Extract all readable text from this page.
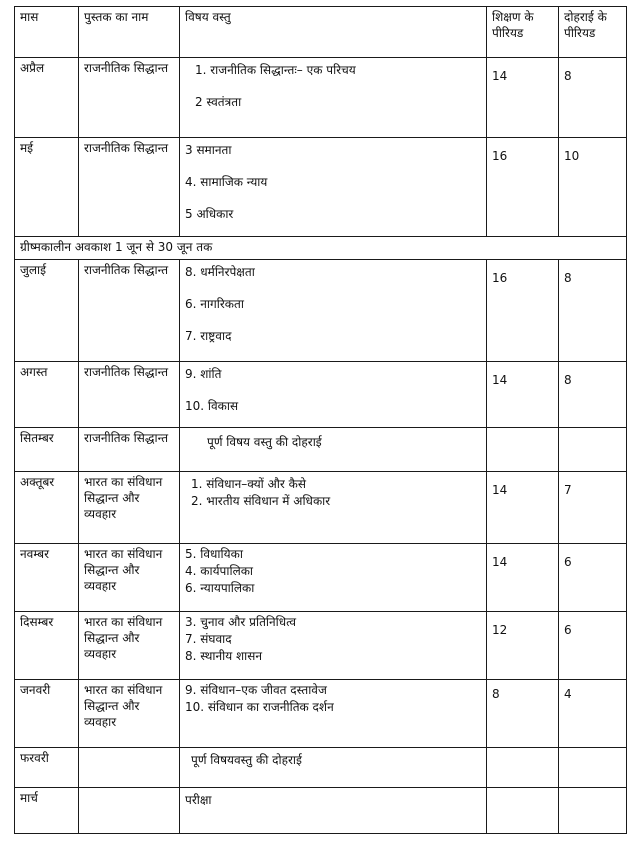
मास	पुस्तक का नाम	विषय वस्तु	शिक्षण के पीरियड	दोहराई के पीरियड
अप्रैल	राजनीतिक सिद्धान्त	1. राजनीतिक सिद्धान्तः– एक परिचय
2 स्वतंत्रता	14	8

मई	राजनीतिक सिद्धान्त	3 समानता
4. सामाजिक न्याय
5 अधिकार	16	10

ग्रीष्मकालीन अवकाश 1 जून से 30 जून तक				
जुलाई	राजनीतिक सिद्धान्त	8. धर्मनिरपेक्षता
6. नागरिकता
7. राष्ट्रवाद	16	8

अगस्त	राजनीतिक सिद्धान्त	9. शांति
10. विकास	14	8

सितम्बर	राजनीतिक सिद्धान्त	पूर्ण विषय वस्तु की दोहराई		

अक्तूबर	भारत का संविधान सिद्धान्त और व्यवहार	1. संविधान–क्यों और कैसे
2. भारतीय संविधान में अधिकार	14	7

नवम्बर	भारत का संविधान सिद्धान्त और व्यवहार	5. विधायिका
4. कार्यपालिका
6. न्यायपालिका	14	6

दिसम्बर	भारत का संविधान सिद्धान्त और व्यवहार	3. चुनाव और प्रतिनिधित्व
7. संघवाद
8. स्थानीय शासन	12	6

जनवरी	भारत का संविधान सिद्धान्त और व्यवहार	9. संविधान–एक जीवत दस्तावेज
10. संविधान का राजनीतिक दर्शन	8	4

फरवरी		पूर्ण विषयवस्तु की दोहराई		

मार्च		परीक्षा		
